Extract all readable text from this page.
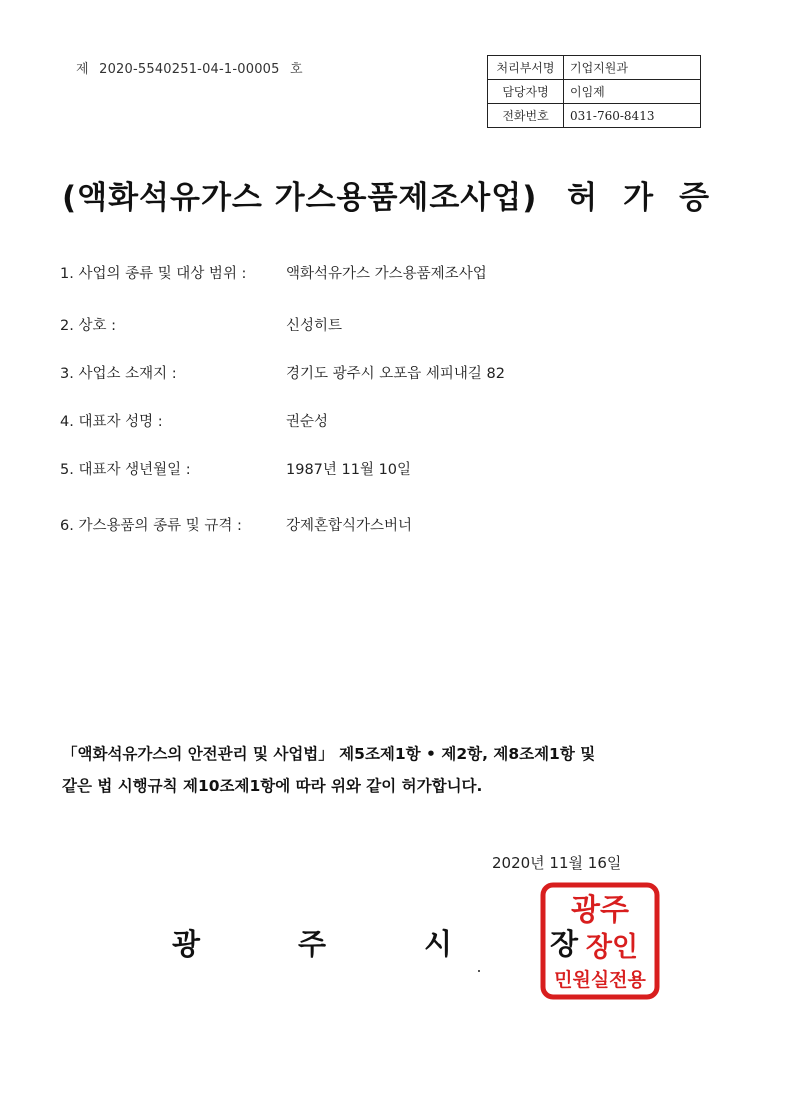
제 2020-5540251-04-1-00005 호	처리부서명	기업지원과
담당자명	이임제
전화번호	031-760-8413
(액화석유가스 가스용품제조사업) 허가증
1. 사업의 종류 및 대상 범위 :	액화석유가스 가스용품제조사업
2. 상호 :	신성히트
3. 사업소 소재지 :	경기도 광주시 오포읍 세피내길 82
4. 대표자 성명 :	권순성
5. 대표자 생년월일 :	1987년 11월 10일
6. 가스용품의 종류 및 규격 :	강제혼합식가스버너
「액화석유가스의 안전관리 및 사업법」 제5조제1항 • 제2항, 제8조제1항 및
같은 법 시행규칙 제10조제1항에 따라 위와 같이 허가합니다.
2020년 11월 16일
광	주	시	장
광주
장인
민원실전용
